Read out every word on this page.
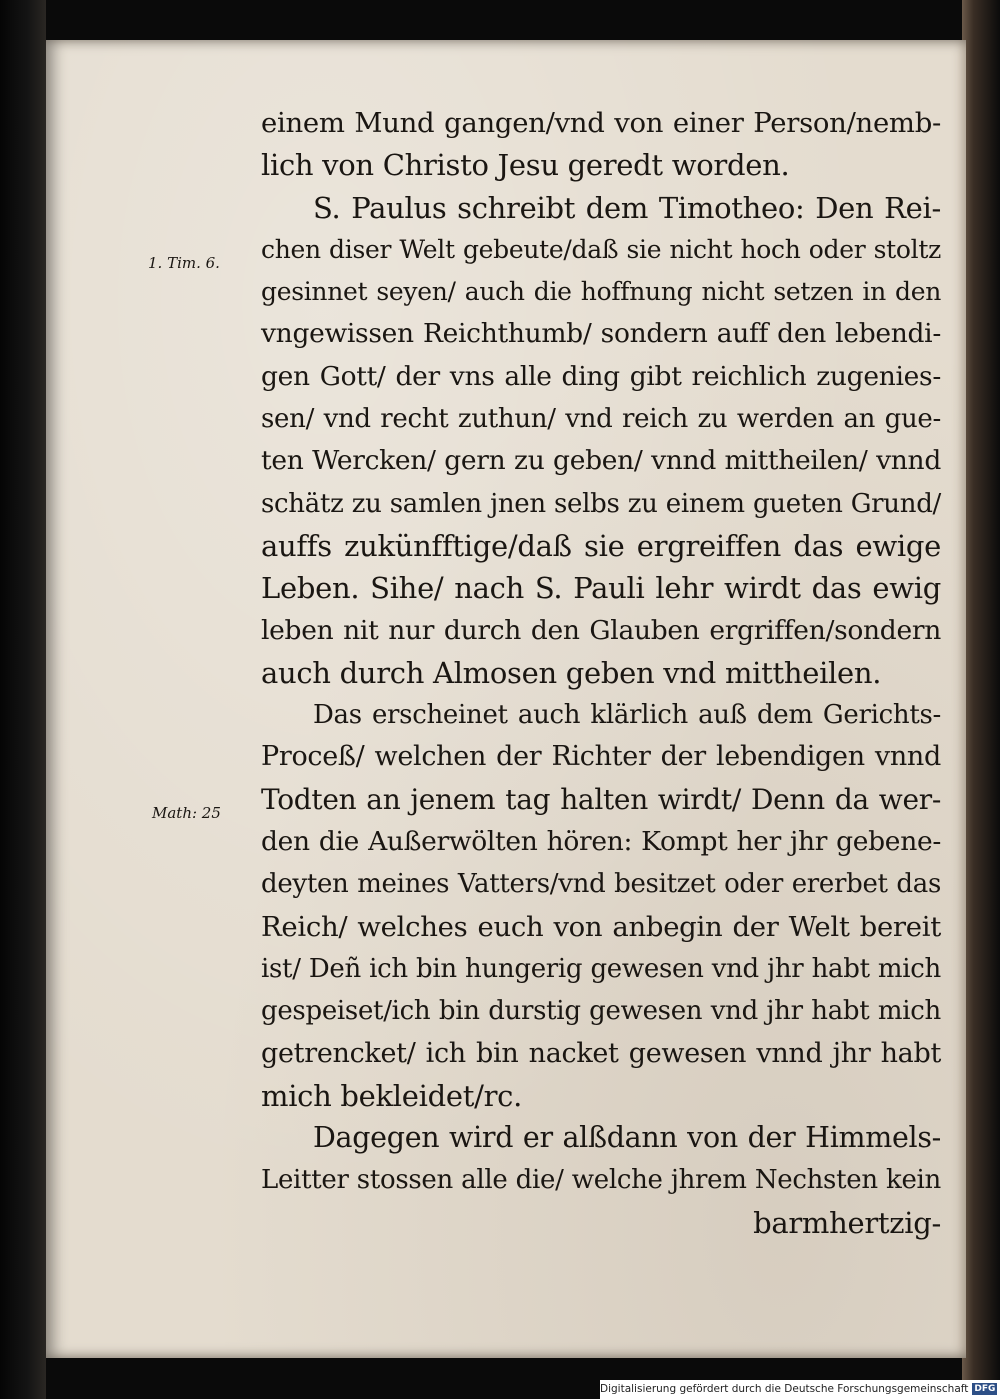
einem Mund gangen/vnd von einer Person/nemb-
lich von Christo Jesu geredt worden.
S. Paulus schreibt dem Timotheo: Den Rei-
chen diser Welt gebeute/daß sie nicht hoch oder stoltz
gesinnet seyen/ auch die hoffnung nicht setzen in den
vngewissen Reichthumb/ sondern auff den lebendi-
gen Gott/ der vns alle ding gibt reichlich zugenies-
sen/ vnd recht zuthun/ vnd reich zu werden an gue-
ten Wercken/ gern zu geben/ vnnd mittheilen/ vnnd
schätz zu samlen jnen selbs zu einem gueten Grund/
auffs zukünfftige/daß sie ergreiffen das ewige
Leben. Sihe/ nach S. Pauli lehr wirdt das ewig
leben nit nur durch den Glauben ergriffen/sondern
auch durch Almosen geben vnd mittheilen.
Das erscheinet auch klärlich auß dem Gerichts-
Proceß/ welchen der Richter der lebendigen vnnd
Todten an jenem tag halten wirdt/ Denn da wer-
den die Außerwölten hören: Kompt her jhr gebene-
deyten meines Vatters/vnd besitzet oder ererbet das
Reich/ welches euch von anbegin der Welt bereit
ist/ Deñ ich bin hungerig gewesen vnd jhr habt mich
gespeiset/ich bin durstig gewesen vnd jhr habt mich
getrencket/ ich bin nacket gewesen vnnd jhr habt
mich bekleidet/rc.
Dagegen wird er alßdann von der Himmels-
Leitter stossen alle die/ welche jhrem Nechsten kein
barmhertzig-
1. Tim. 6.
Math: 25
Digitalisierung gefördert durch die Deutsche Forschungsgemeinschaft DFG
